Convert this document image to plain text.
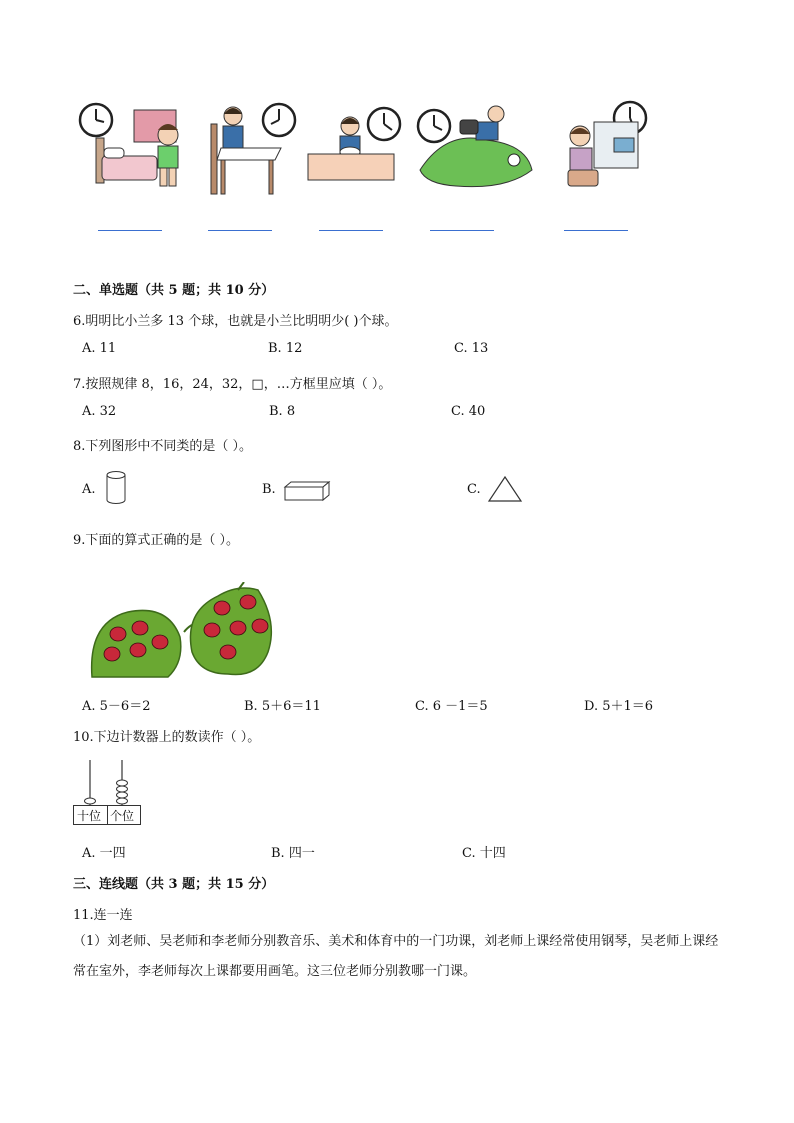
二、单选题（共 5 题；共 10 分）
6.明明比小兰多 13 个球，也就是小兰比明明少( )个球。
A. 11	B. 12	C. 13
7.按照规律 8，16，24，32，□，…方框里应填（ ）。
A. 32	B. 8	C. 40
8.下列图形中不同类的是（ ）。
A.	B.	C.
9.下面的算式正确的是（ ）。
A. 5－6＝2	B. 5＋6＝11	C. 6 －1＝5	D. 5＋1＝6
10.下边计数器上的数读作（ ）。
十位 个位
A. 一四	B. 四一	C. 十四
三、连线题（共 3 题；共 15 分）
11.连一连
（1）刘老师、吴老师和李老师分别教音乐、美术和体育中的一门功课，刘老师上课经常使用钢琴，吴老师上课经常在室外，李老师每次上课都要用画笔。这三位老师分别教哪一门课。
